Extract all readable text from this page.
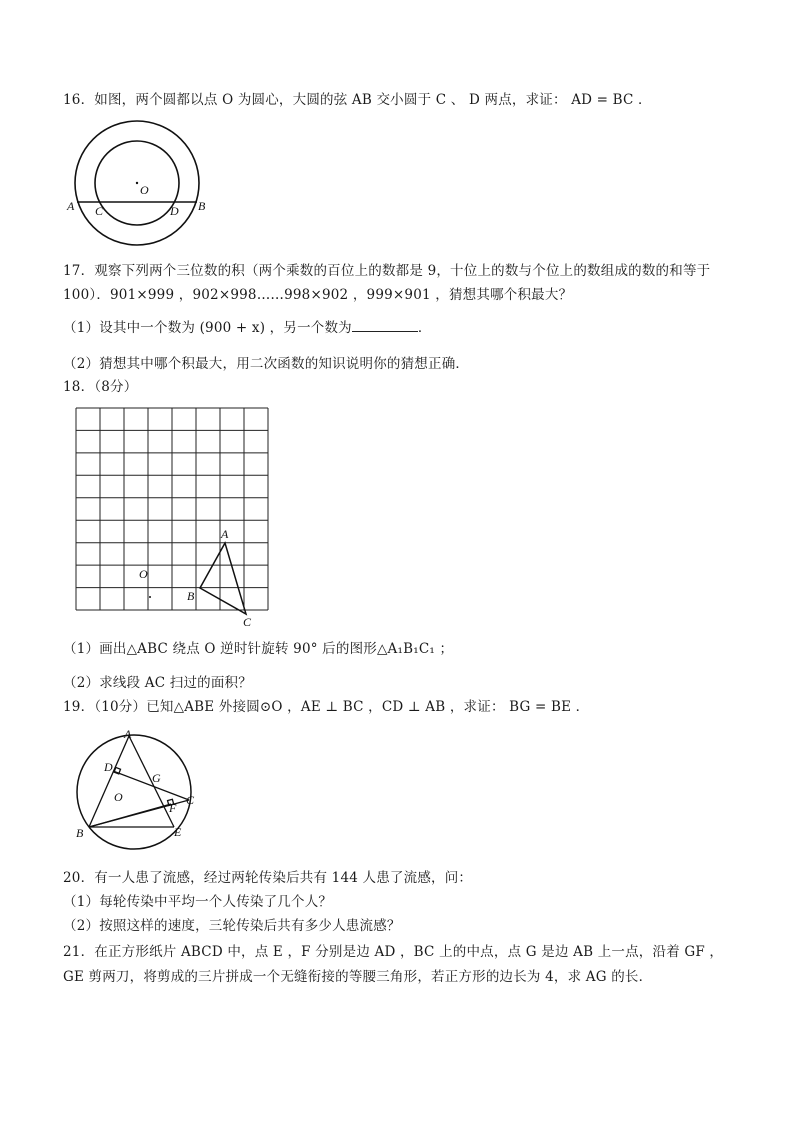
16．如图，两个圆都以点 O 为圆心，大圆的弦 AB 交小圆于 C 、 D 两点，求证： AD = BC ．
O
A C	D B
17．观察下列两个三位数的积（两个乘数的百位上的数都是 9，十位上的数与个位上的数组成的数的和等于
100）．901×999 ，902×998……998×902 ，999×901 ，猜想其哪个积最大？
（1）设其中一个数为 (900 + x) ，另一个数为	．
（2）猜想其中哪个积最大，用二次函数的知识说明你的猜想正确．
18．（8分）
A
B
C
O
（1）画出△ABC 绕点 O 逆时针旋转 90° 后的图形△A₁B₁C₁ ；
（2）求线段 AC 扫过的面积？
19．（10分）已知△ABE 外接圆⊙O ，AE ⊥ BC ，CD ⊥ AB ，求证： BG = BE ．
A
D
G
O
F
C
B	E
20．有一人患了流感，经过两轮传染后共有 144 人患了流感，问：
（1）每轮传染中平均一个人传染了几个人？
（2）按照这样的速度，三轮传染后共有多少人患流感？
21．在正方形纸片 ABCD 中，点 E ，F 分别是边 AD ，BC 上的中点，点 G 是边 AB 上一点，沿着 GF ，
GE 剪两刀，将剪成的三片拼成一个无缝衔接的等腰三角形，若正方形的边长为 4，求 AG 的长．
